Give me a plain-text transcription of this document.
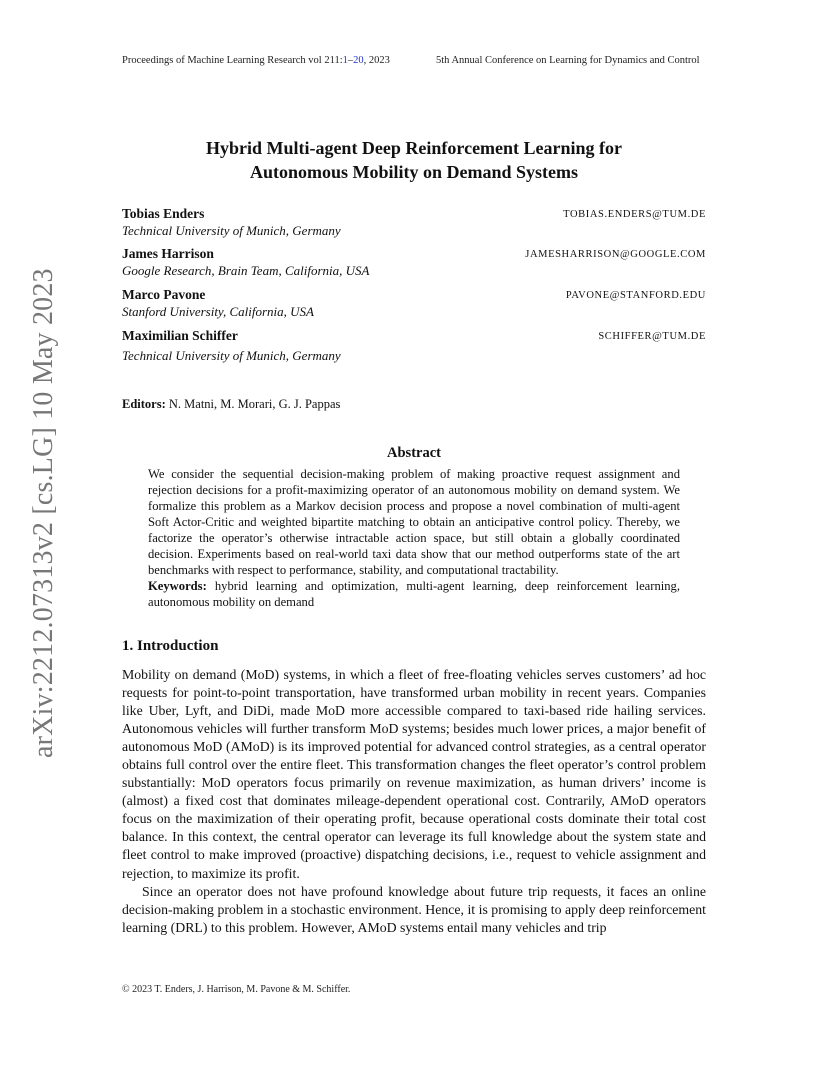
Proceedings of Machine Learning Research vol 211:1–20, 2023	5th Annual Conference on Learning for Dynamics and Control
arXiv:2212.07313v2 [cs.LG] 10 May 2023
Hybrid Multi-agent Deep Reinforcement Learning for
Autonomous Mobility on Demand Systems
Tobias Enders	TOBIAS.ENDERS@TUM.DE
Technical University of Munich, Germany
James Harrison	JAMESHARRISON@GOOGLE.COM
Google Research, Brain Team, California, USA
Marco Pavone	PAVONE@STANFORD.EDU
Stanford University, California, USA
Maximilian Schiffer	SCHIFFER@TUM.DE
Technical University of Munich, Germany
Editors: N. Matni, M. Morari, G. J. Pappas
Abstract

We consider the sequential decision-making problem of making proactive request assignment and rejection decisions for a profit-maximizing operator of an autonomous mobility on demand system. We formalize this problem as a Markov decision process and propose a novel combination of multi-agent Soft Actor-Critic and weighted bipartite matching to obtain an anticipative control policy. Thereby, we factorize the operator’s otherwise intractable action space, but still obtain a globally coordinated decision. Experiments based on real-world taxi data show that our method outperforms state of the art benchmarks with respect to performance, stability, and computational tractability.

Keywords: hybrid learning and optimization, multi-agent learning, deep reinforcement learning, autonomous mobility on demand

1. Introduction

Mobility on demand (MoD) systems, in which a fleet of free-floating vehicles serves customers’ ad hoc requests for point-to-point transportation, have transformed urban mobility in recent years. Companies like Uber, Lyft, and DiDi, made MoD more accessible compared to taxi-based ride hailing services. Autonomous vehicles will further transform MoD systems; besides much lower prices, a major benefit of autonomous MoD (AMoD) is its improved potential for advanced control strategies, as a central operator obtains full control over the entire fleet. This transformation changes the fleet operator’s control problem substantially: MoD operators focus primarily on revenue maximization, as human drivers’ income is (almost) a fixed cost that dominates mileage-dependent operational cost. Contrarily, AMoD operators focus on the maximization of their operating profit, because operational costs dominate their total cost balance. In this context, the central operator can leverage its full knowledge about the system state and fleet control to make improved (proactive) dispatching decisions, i.e., request to vehicle assignment and rejection, to maximize its profit.

Since an operator does not have profound knowledge about future trip requests, it faces an online decision-making problem in a stochastic environment. Hence, it is promising to apply deep reinforcement learning (DRL) to this problem. However, AMoD systems entail many vehicles and trip

© 2023 T. Enders, J. Harrison, M. Pavone & M. Schiffer.
